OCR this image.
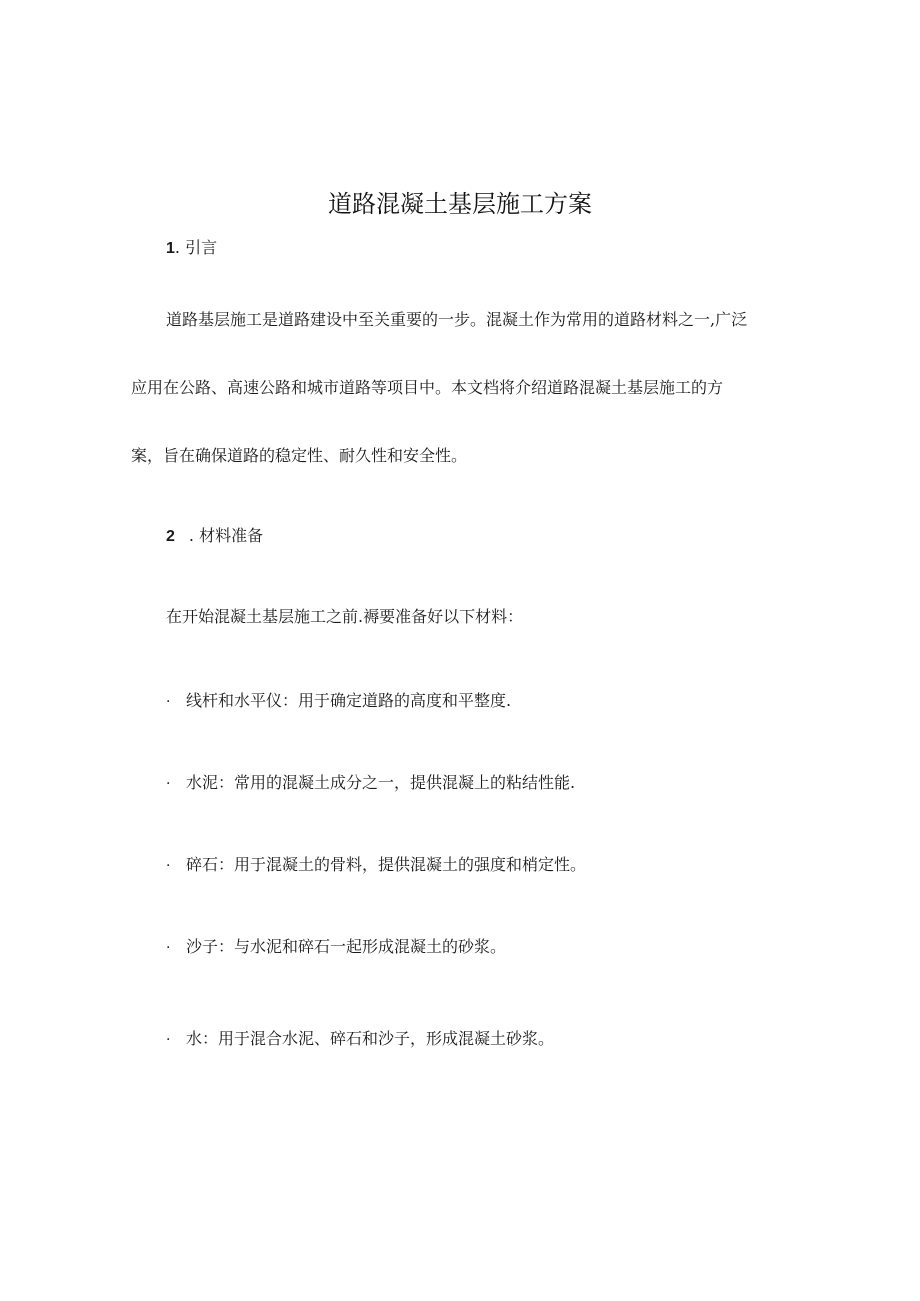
道路混凝土基层施工方案
1. 引言
道路基层施工是道路建设中至关重要的一步。混凝土作为常用的道路材料之一,广泛
应用在公路、高速公路和城市道路等项目中。本文档将介绍道路混凝土基层施工的方
案，旨在确保道路的稳定性、耐久性和安全性。
2 . 材料准备
在开始混凝土基层施工之前.褥要准备好以下材料：
· 线杆和水平仪：用于确定道路的高度和平整度.
· 水泥：常用的混凝土成分之一，提供混凝上的粘结性能.
· 碎石：用于混凝土的骨料，提供混凝土的强度和梢定性。
· 沙子：与水泥和碎石一起形成混凝土的砂浆。
· 水：用于混合水泥、碎石和沙子，形成混凝土砂浆。
